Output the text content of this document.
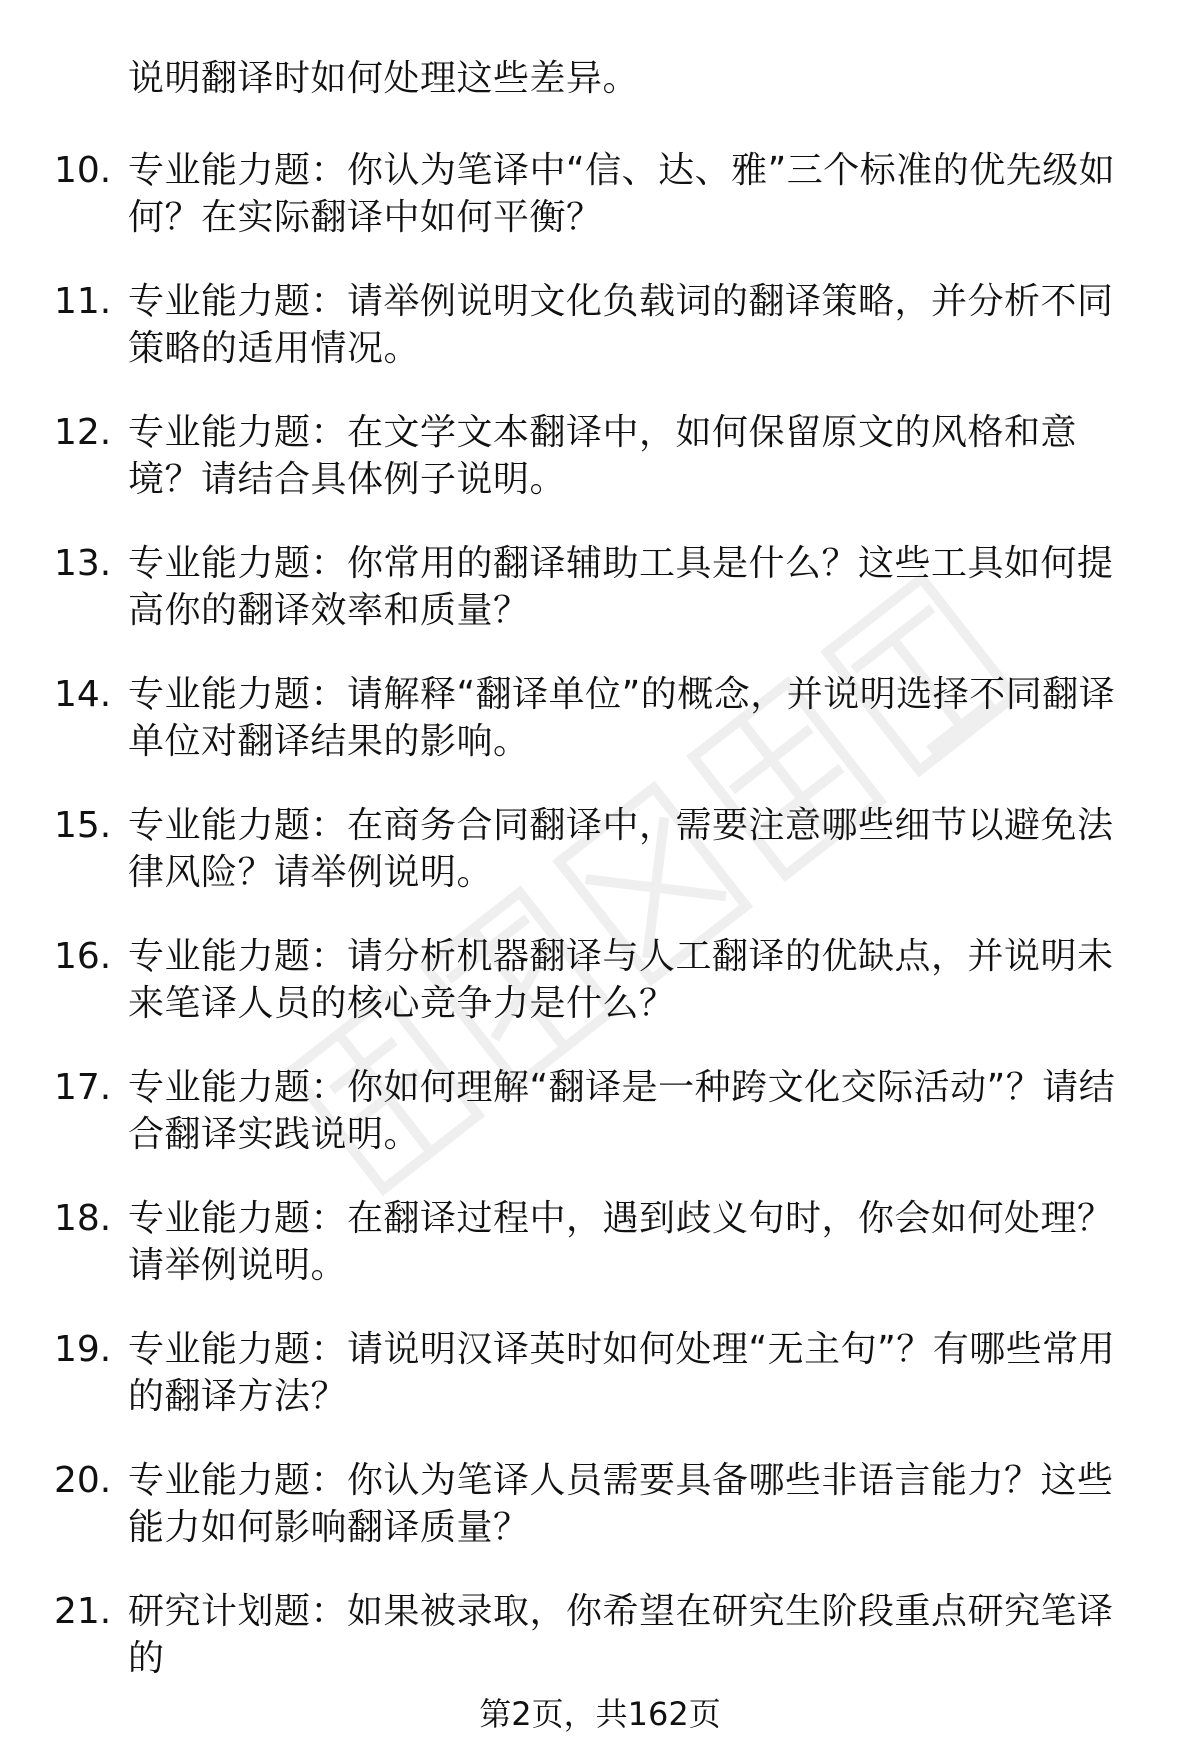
说明翻译时如何处理这些差异。
10. 专业能力题：你认为笔译中“信、达、雅”三个标准的优先级如何？在实际翻译中如何平衡？
11. 专业能力题：请举例说明文化负载词的翻译策略，并分析不同策略的适用情况。
12. 专业能力题：在文学文本翻译中，如何保留原文的风格和意境？请结合具体例子说明。
13. 专业能力题：你常用的翻译辅助工具是什么？这些工具如何提高你的翻译效率和质量？
14. 专业能力题：请解释“翻译单位”的概念，并说明选择不同翻译单位对翻译结果的影响。
15. 专业能力题：在商务合同翻译中，需要注意哪些细节以避免法律风险？请举例说明。
16. 专业能力题：请分析机器翻译与人工翻译的优缺点，并说明未来笔译人员的核心竞争力是什么？
17. 专业能力题：你如何理解“翻译是一种跨文化交际活动”？请结合翻译实践说明。
18. 专业能力题：在翻译过程中，遇到歧义句时，你会如何处理？请举例说明。
19. 专业能力题：请说明汉译英时如何处理“无主句”？有哪些常用的翻译方法？
20. 专业能力题：你认为笔译人员需要具备哪些非语言能力？这些能力如何影响翻译质量？
21. 研究计划题：如果被录取，你希望在研究生阶段重点研究笔译的
第2页，共162页
